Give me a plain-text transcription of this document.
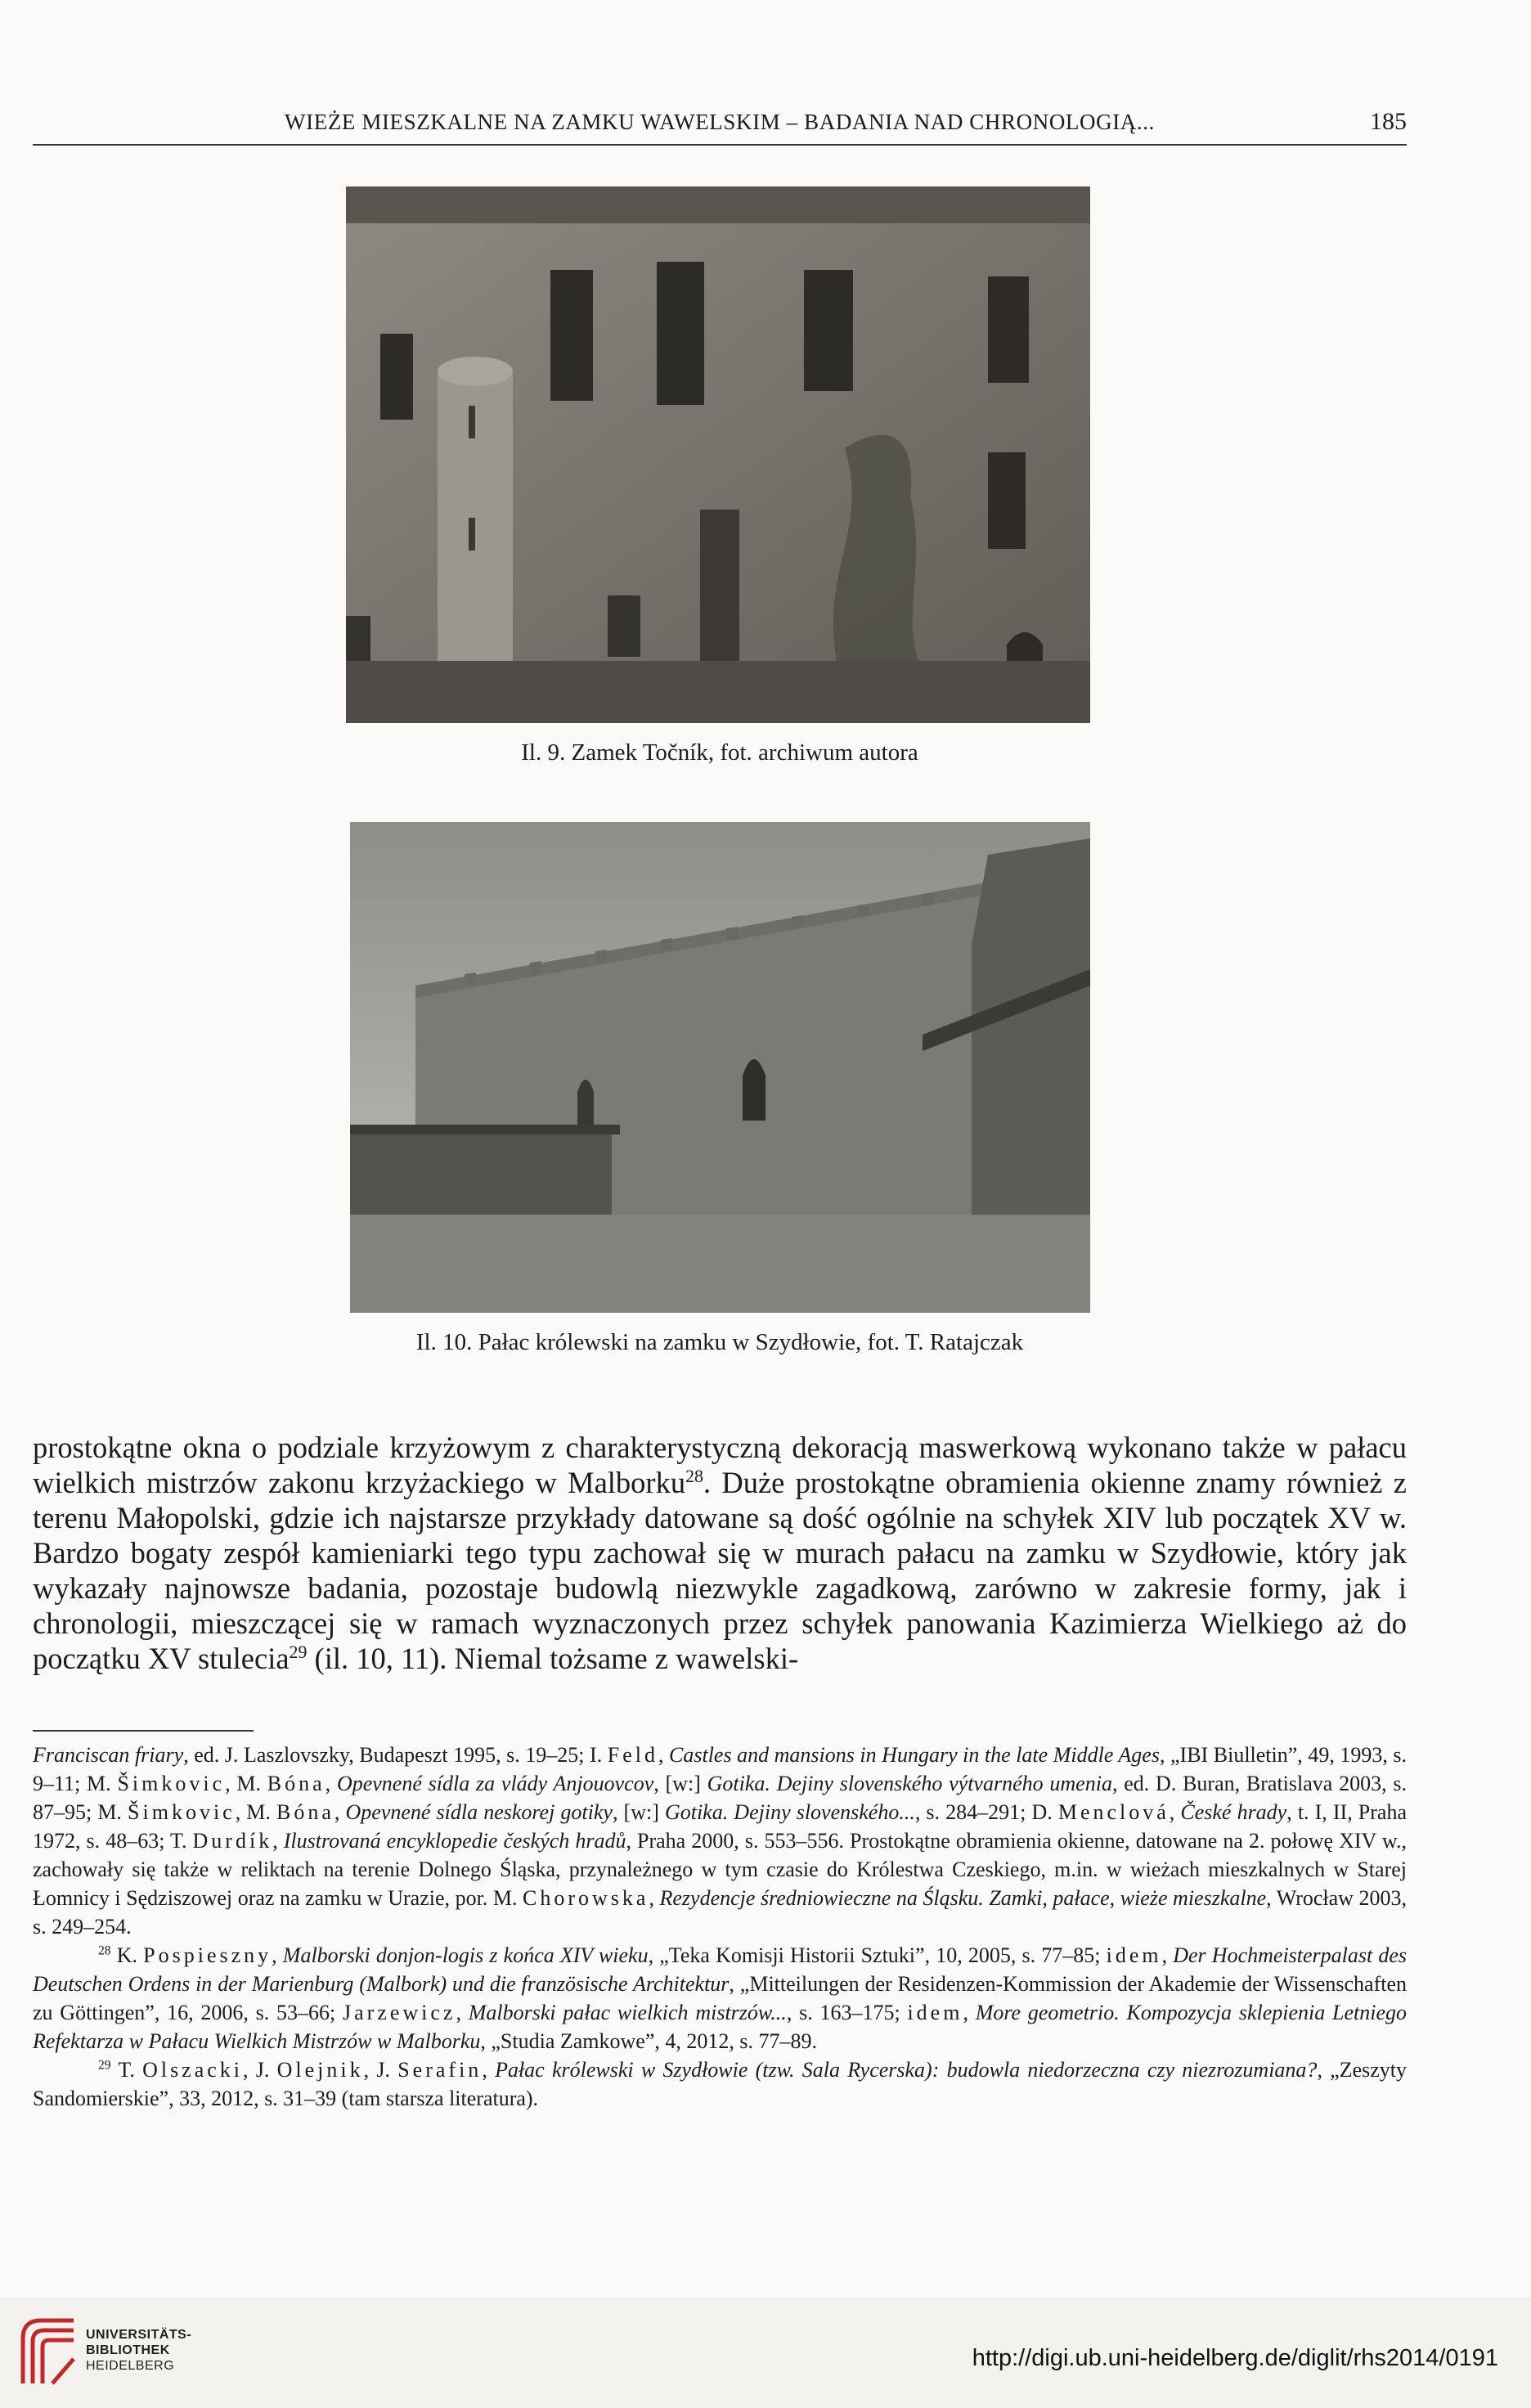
WIEŻE MIESZKALNE NA ZAMKU WAWELSKIM – BADANIA NAD CHRONOLOGIĄ...	185
Il. 9. Zamek Točník, fot. archiwum autora
Il. 10. Pałac królewski na zamku w Szydłowie, fot. T. Ratajczak

prostokątne okna o podziale krzyżowym z charakterystyczną dekoracją maswerkową wykonano także w pałacu wielkich mistrzów zakonu krzyżackiego w Malborku$^{28}$. Duże prostokątne obramienia okienne znamy również z terenu Małopolski, gdzie ich najstarsze przykłady datowane są dość ogólnie na schyłek XIV lub początek XV w. Bardzo bogaty zespół kamieniarki tego typu zachował się w murach pałacu na zamku w Szydłowie, który jak wykazały najnowsze badania, pozostaje budowlą niezwykle zagadkową, zarówno w zakresie formy, jak i chronologii, mieszczącej się w ramach wyznaczonych przez schyłek panowania Kazimierza Wielkiego aż do początku XV stulecia$^{29}$ (il. 10, 11). Niemal tożsame z wawelski-

Franciscan friary, ed. J. Laszlovszky, Budapeszt 1995, s. 19–25; I. Feld, Castles and mansions in Hungary in the late Middle Ages, „IBI Biulletin”, 49, 1993, s. 9–11; M. Šimkovic, M. Bóna, Opevnené sídla za vlády Anjouovcov, [w:] Gotika. Dejiny slovenského výtvarného umenia, ed. D. Buran, Bratislava 2003, s. 87–95; M. Šimkovic, M. Bóna, Opevnené sídla neskorej gotiky, [w:] Gotika. Dejiny slovenského..., s. 284–291; D. Menclová, České hrady, t. I, II, Praha 1972, s. 48–63; T. Durdík, Ilustrovaná encyklopedie českých hradů, Praha 2000, s. 553–556. Prostokątne obramienia okienne, datowane na 2. połowę XIV w., zachowały się także w reliktach na terenie Dolnego Śląska, przynależnego w tym czasie do Królestwa Czeskiego, m.in. w wieżach mieszkalnych w Starej Łomnicy i Sędziszowej oraz na zamku w Urazie, por. M. Chorowska, Rezydencje średniowieczne na Śląsku. Zamki, pałace, wieże mieszkalne, Wrocław 2003, s. 249–254.

$^{28}$ K. Pospieszny, Malborski donjon-logis z końca XIV wieku, „Teka Komisji Historii Sztuki”, 10, 2005, s. 77–85; idem, Der Hochmeisterpalast des Deutschen Ordens in der Marienburg (Malbork) und die französische Architektur, „Mitteilungen der Residenzen-Kommission der Akademie der Wissenschaften zu Göttingen”, 16, 2006, s. 53–66; Jarzewicz, Malborski pałac wielkich mistrzów..., s. 163–175; idem, More geometrio. Kompozycja sklepienia Letniego Refektarza w Pałacu Wielkich Mistrzów w Malborku, „Studia Zamkowe”, 4, 2012, s. 77–89.

$^{29}$ T. Olszacki, J. Olejnik, J. Serafin, Pałac królewski w Szydłowie (tzw. Sala Rycerska): budowla niedorzeczna czy niezrozumiana?, „Zeszyty Sandomierskie”, 33, 2012, s. 31–39 (tam starsza literatura).

UNIVERSITÄTS-
BIBLIOTHEK
HEIDELBERG	http://digi.ub.uni-heidelberg.de/diglit/rhs2014/0191
